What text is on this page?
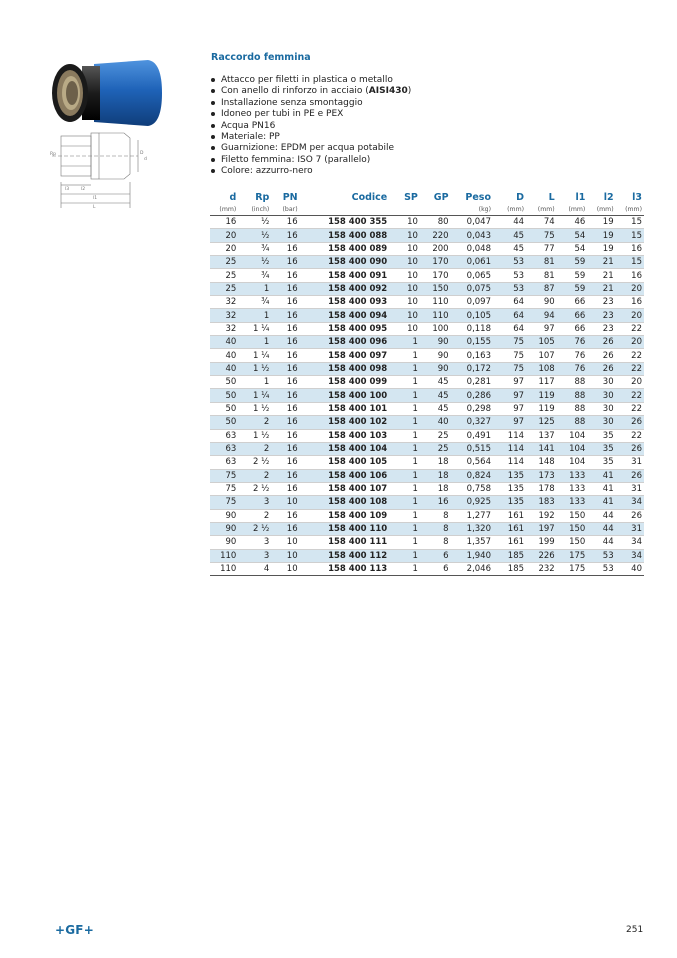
Rp	D
d
l3	l2
l1
L
Raccordo femmina
Attacco per filetti in plastica o metallo
Con anello di rinforzo in acciaio (AISI430)
Installazione senza smontaggio
Idoneo per tubi in PE e PEX
Acqua PN16
Materiale: PP
Guarnizione: EPDM per acqua potabile
Filetto femmina: ISO 7 (parallelo)
Colore: azzurro-nero
d	Rp	PN	Codice	SP	GP	Peso	D	L	l1	l2	l3
(mm)	(inch)	(bar)				(kg)	(mm)	(mm)	(mm)	(mm)	(mm)
16	½	16	158 400 355	10	80	0,047	44	74	46	19	15
20	½	16	158 400 088	10	220	0,043	45	75	54	19	15
20	¾	16	158 400 089	10	200	0,048	45	77	54	19	16
25	½	16	158 400 090	10	170	0,061	53	81	59	21	15
25	¾	16	158 400 091	10	170	0,065	53	81	59	21	16
25	1	16	158 400 092	10	150	0,075	53	87	59	21	20
32	¾	16	158 400 093	10	110	0,097	64	90	66	23	16
32	1	16	158 400 094	10	110	0,105	64	94	66	23	20
32	1 ¼	16	158 400 095	10	100	0,118	64	97	66	23	22
40	1	16	158 400 096	1	90	0,155	75	105	76	26	20
40	1 ¼	16	158 400 097	1	90	0,163	75	107	76	26	22
40	1 ½	16	158 400 098	1	90	0,172	75	108	76	26	22
50	1	16	158 400 099	1	45	0,281	97	117	88	30	20
50	1 ¼	16	158 400 100	1	45	0,286	97	119	88	30	22
50	1 ½	16	158 400 101	1	45	0,298	97	119	88	30	22
50	2	16	158 400 102	1	40	0,327	97	125	88	30	26
63	1 ½	16	158 400 103	1	25	0,491	114	137	104	35	22
63	2	16	158 400 104	1	25	0,515	114	141	104	35	26
63	2 ½	16	158 400 105	1	18	0,564	114	148	104	35	31
75	2	16	158 400 106	1	18	0,824	135	173	133	41	26
75	2 ½	16	158 400 107	1	18	0,758	135	178	133	41	31
75	3	10	158 400 108	1	16	0,925	135	183	133	41	34
90	2	16	158 400 109	1	8	1,277	161	192	150	44	26
90	2 ½	16	158 400 110	1	8	1,320	161	197	150	44	31
90	3	10	158 400 111	1	8	1,357	161	199	150	44	34
110	3	10	158 400 112	1	6	1,940	185	226	175	53	34
110	4	10	158 400 113	1	6	2,046	185	232	175	53	40
+GF+	251
